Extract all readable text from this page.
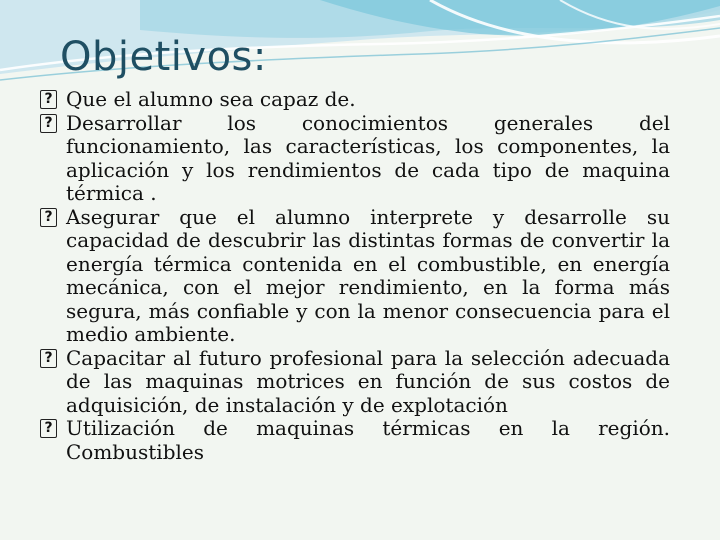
Objetivos:

? Que el alumno sea capaz de.

? Desarrollar los conocimientos generales del funcionamiento, las características, los componentes, la aplicación y los rendimientos de cada tipo de maquina térmica .

? Asegurar que el alumno interprete y desarrolle su capacidad de descubrir las distintas formas de convertir la energía térmica contenida en el combustible, en energía mecánica, con el mejor rendimiento, en la forma más segura, más confiable y con la menor consecuencia para el medio ambiente.

? Capacitar al futuro profesional para la selección adecuada de las maquinas motrices en función de sus costos de adquisición, de instalación y de explotación

? Utilización de maquinas térmicas en la región. Combustibles
